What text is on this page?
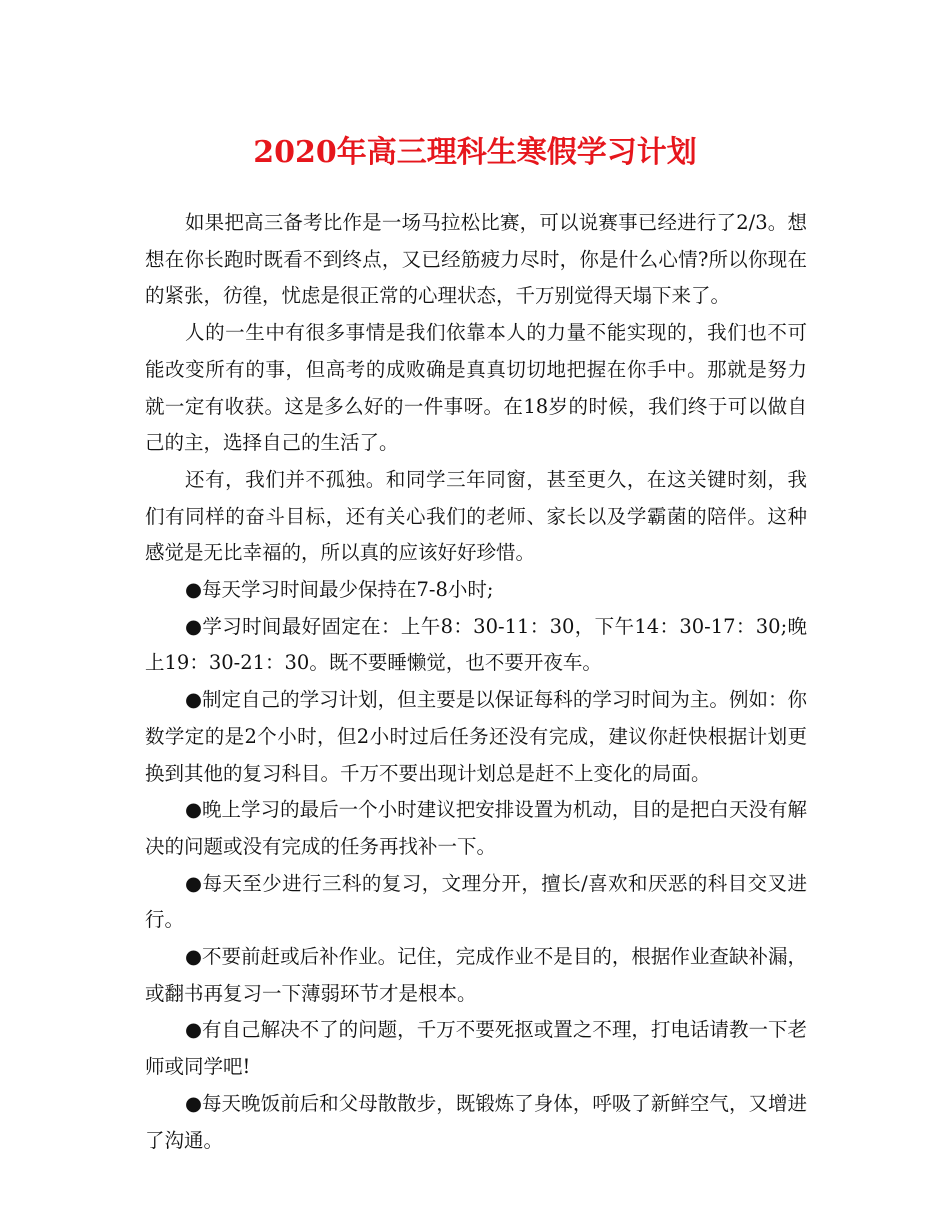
2020年高三理科生寒假学习计划

如果把高三备考比作是一场马拉松比赛，可以说赛事已经进行了2/3。想想在你长跑时既看不到终点，又已经筋疲力尽时，你是什么心情?所以你现在的紧张，彷徨，忧虑是很正常的心理状态，千万别觉得天塌下来了。

人的一生中有很多事情是我们依靠本人的力量不能实现的，我们也不可能改变所有的事，但高考的成败确是真真切切地把握在你手中。那就是努力就一定有收获。这是多么好的一件事呀。在18岁的时候，我们终于可以做自己的主，选择自己的生活了。

还有，我们并不孤独。和同学三年同窗，甚至更久，在这关键时刻，我们有同样的奋斗目标，还有关心我们的老师、家长以及学霸菌的陪伴。这种感觉是无比幸福的，所以真的应该好好珍惜。

●每天学习时间最少保持在7-8小时;

●学习时间最好固定在：上午8：30-11：30，下午14：30-17：30;晚上19：30-21：30。既不要睡懒觉，也不要开夜车。

●制定自己的学习计划，但主要是以保证每科的学习时间为主。例如：你数学定的是2个小时，但2小时过后任务还没有完成，建议你赶快根据计划更换到其他的复习科目。千万不要出现计划总是赶不上变化的局面。

●晚上学习的最后一个小时建议把安排设置为机动，目的是把白天没有解决的问题或没有完成的任务再找补一下。

●每天至少进行三科的复习，文理分开，擅长/喜欢和厌恶的科目交叉进行。

●不要前赶或后补作业。记住，完成作业不是目的，根据作业查缺补漏，或翻书再复习一下薄弱环节才是根本。

●有自己解决不了的问题，千万不要死抠或置之不理，打电话请教一下老师或同学吧!

●每天晚饭前后和父母散散步，既锻炼了身体，呼吸了新鲜空气，又增进了沟通。
